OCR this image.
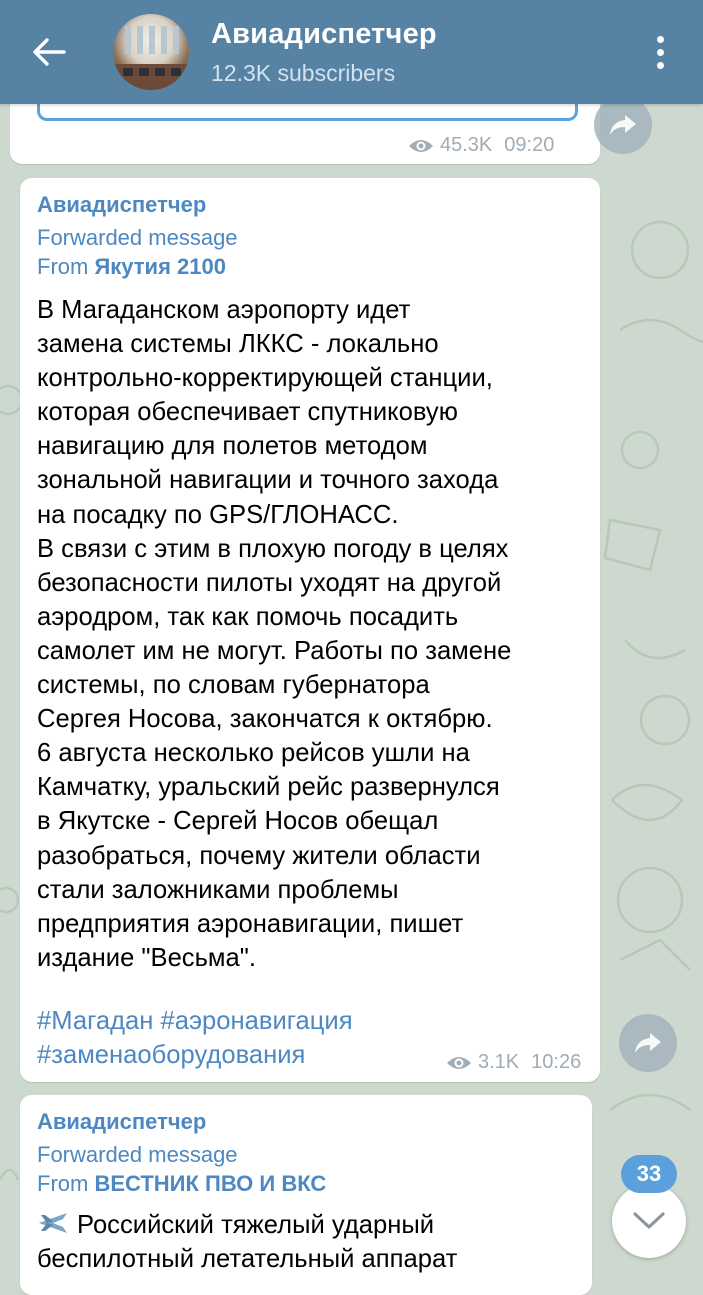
Авиадиспетчер
12.3K subscribers
45.3K 09:20
Авиадиспетчер
Forwarded message
From Якутия 2100
В Магаданском аэропорту идет
замена системы ЛККС - локально
контрольно-корректирующей станции,
которая обеспечивает спутниковую
навигацию для полетов методом
зональной навигации и точного захода
на посадку по GPS/ГЛОНАСС.
В связи с этим в плохую погоду в целях
безопасности пилоты уходят на другой
аэродром, так как помочь посадить
самолет им не могут. Работы по замене
системы, по словам губернатора
Сергея Носова, закончатся к октябрю.
6 августа несколько рейсов ушли на
Камчатку, уральский рейс развернулся
в Якутске - Сергей Носов обещал
разобраться, почему жители области
стали заложниками проблемы
предприятия аэронавигации, пишет
издание "Весьма".
#Магадан #аэронавигация
#заменаоборудования	3.1K 10:26
Авиадиспетчер
Forwarded message
From ВЕСТНИК ПВО И ВКС
Российский тяжелый ударный
беспилотный летательный аппарат
33
